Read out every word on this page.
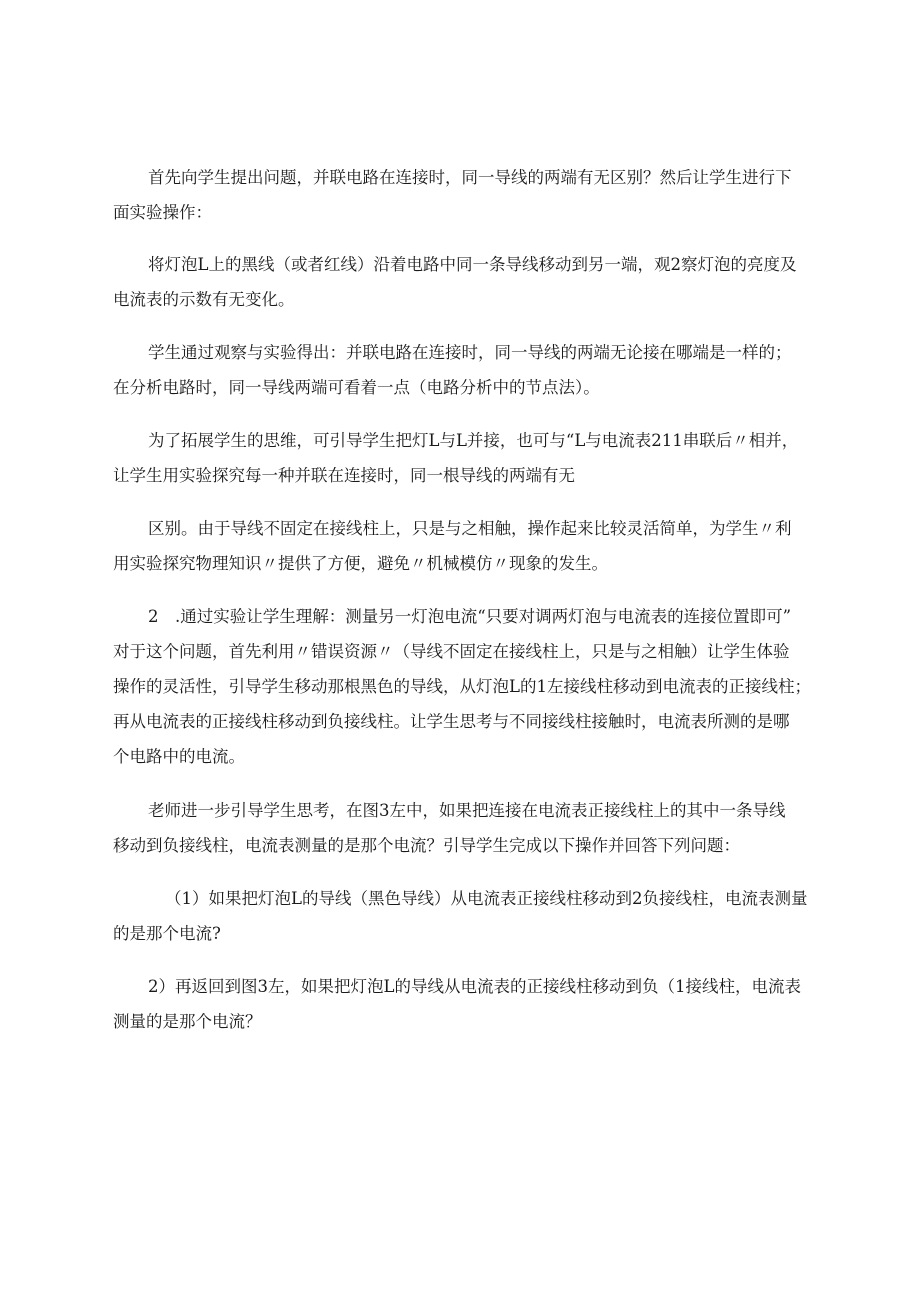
首先向学生提出问题，并联电路在连接时，同一导线的两端有无区别？然后让学生进行下
面实验操作：
将灯泡L上的黑线（或者红线）沿着电路中同一条导线移动到另一端，观2察灯泡的亮度及
电流表的示数有无变化。
学生通过观察与实验得出：并联电路在连接时，同一导线的两端无论接在哪端是一样的；
在分析电路时，同一导线两端可看着一点（电路分析中的节点法）。
为了拓展学生的思维，可引导学生把灯L与L并接，也可与“L与电流表211串联后〃相并，
让学生用实验探究每一种并联在连接时，同一根导线的两端有无
区别。由于导线不固定在接线柱上，只是与之相触，操作起来比较灵活简单，为学生〃利
用实验探究物理知识〃提供了方便，避免〃机械模仿〃现象的发生。
2　.通过实验让学生理解：测量另一灯泡电流“只要对调两灯泡与电流表的连接位置即可”
对于这个问题，首先利用〃错误资源〃（导线不固定在接线柱上，只是与之相触）让学生体验
操作的灵活性，引导学生移动那根黑色的导线，从灯泡L的1左接线柱移动到电流表的正接线柱；
再从电流表的正接线柱移动到负接线柱。让学生思考与不同接线柱接触时，电流表所测的是哪
个电路中的电流。
老师进一步引导学生思考，在图3左中，如果把连接在电流表正接线柱上的其中一条导线
移动到负接线柱，电流表测量的是那个电流？引导学生完成以下操作并回答下列问题：
（1）如果把灯泡L的导线（黑色导线）从电流表正接线柱移动到2负接线柱，电流表测量
的是那个电流?
2）再返回到图3左，如果把灯泡L的导线从电流表的正接线柱移动到负（1接线柱，电流表
测量的是那个电流？
